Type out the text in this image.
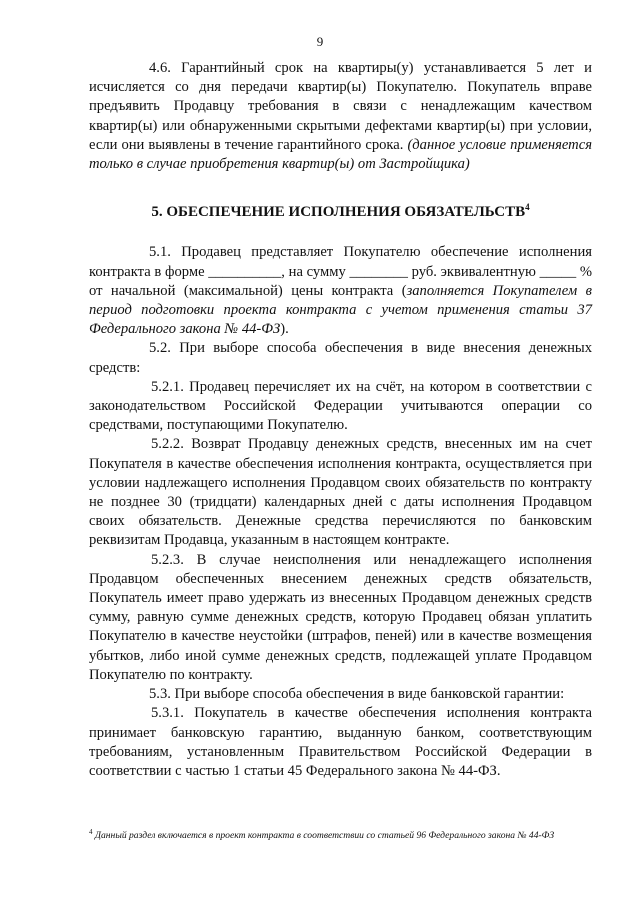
9

4.6. Гарантийный срок на квартиры(у) устанавливается 5 лет и исчисляется со дня передачи квартир(ы) Покупателю. Покупатель вправе предъявить Продавцу требования в связи с ненадлежащим качеством квартир(ы) или обнаруженными скрытыми дефектами квартир(ы) при условии, если они выявлены в течение гарантийного срока. (данное условие применяется только в случае приобретения квартир(ы) от Застройщика)

5. ОБЕСПЕЧЕНИЕ ИСПОЛНЕНИЯ ОБЯЗАТЕЛЬСТВ$^4$

5.1. Продавец представляет Покупателю обеспечение исполнения контракта в форме __________, на сумму ________ руб. эквивалентную _____ % от начальной (максимальной) цены контракта (заполняется Покупателем в период подготовки проекта контракта с учетом применения статьи 37 Федерального закона № 44-ФЗ).

5.2. При выборе способа обеспечения в виде внесения денежных средств:

5.2.1. Продавец перечисляет их на счёт, на котором в соответствии с законодательством Российской Федерации учитываются операции со средствами, поступающими Покупателю.

5.2.2. Возврат Продавцу денежных средств, внесенных им на счет Покупателя в качестве обеспечения исполнения контракта, осуществляется при условии надлежащего исполнения Продавцом своих обязательств по контракту не позднее 30 (тридцати) календарных дней с даты исполнения Продавцом своих обязательств. Денежные средства перечисляются по банковским реквизитам Продавца, указанным в настоящем контракте.

5.2.3. В случае неисполнения или ненадлежащего исполнения Продавцом обеспеченных внесением денежных средств обязательств, Покупатель имеет право удержать из внесенных Продавцом денежных средств сумму, равную сумме денежных средств, которую Продавец обязан уплатить Покупателю в качестве неустойки (штрафов, пеней) или в качестве возмещения убытков, либо иной сумме денежных средств, подлежащей уплате Продавцом Покупателю по контракту.

5.3. При выборе способа обеспечения в виде банковской гарантии:

5.3.1. Покупатель в качестве обеспечения исполнения контракта принимает банковскую гарантию, выданную банком, соответствующим требованиям, установленным Правительством Российской Федерации в соответствии с частью 1 статьи 45 Федерального закона № 44-ФЗ.

$^4$ Данный раздел включается в проект контракта в соответствии со статьей 96 Федерального закона № 44-ФЗ
